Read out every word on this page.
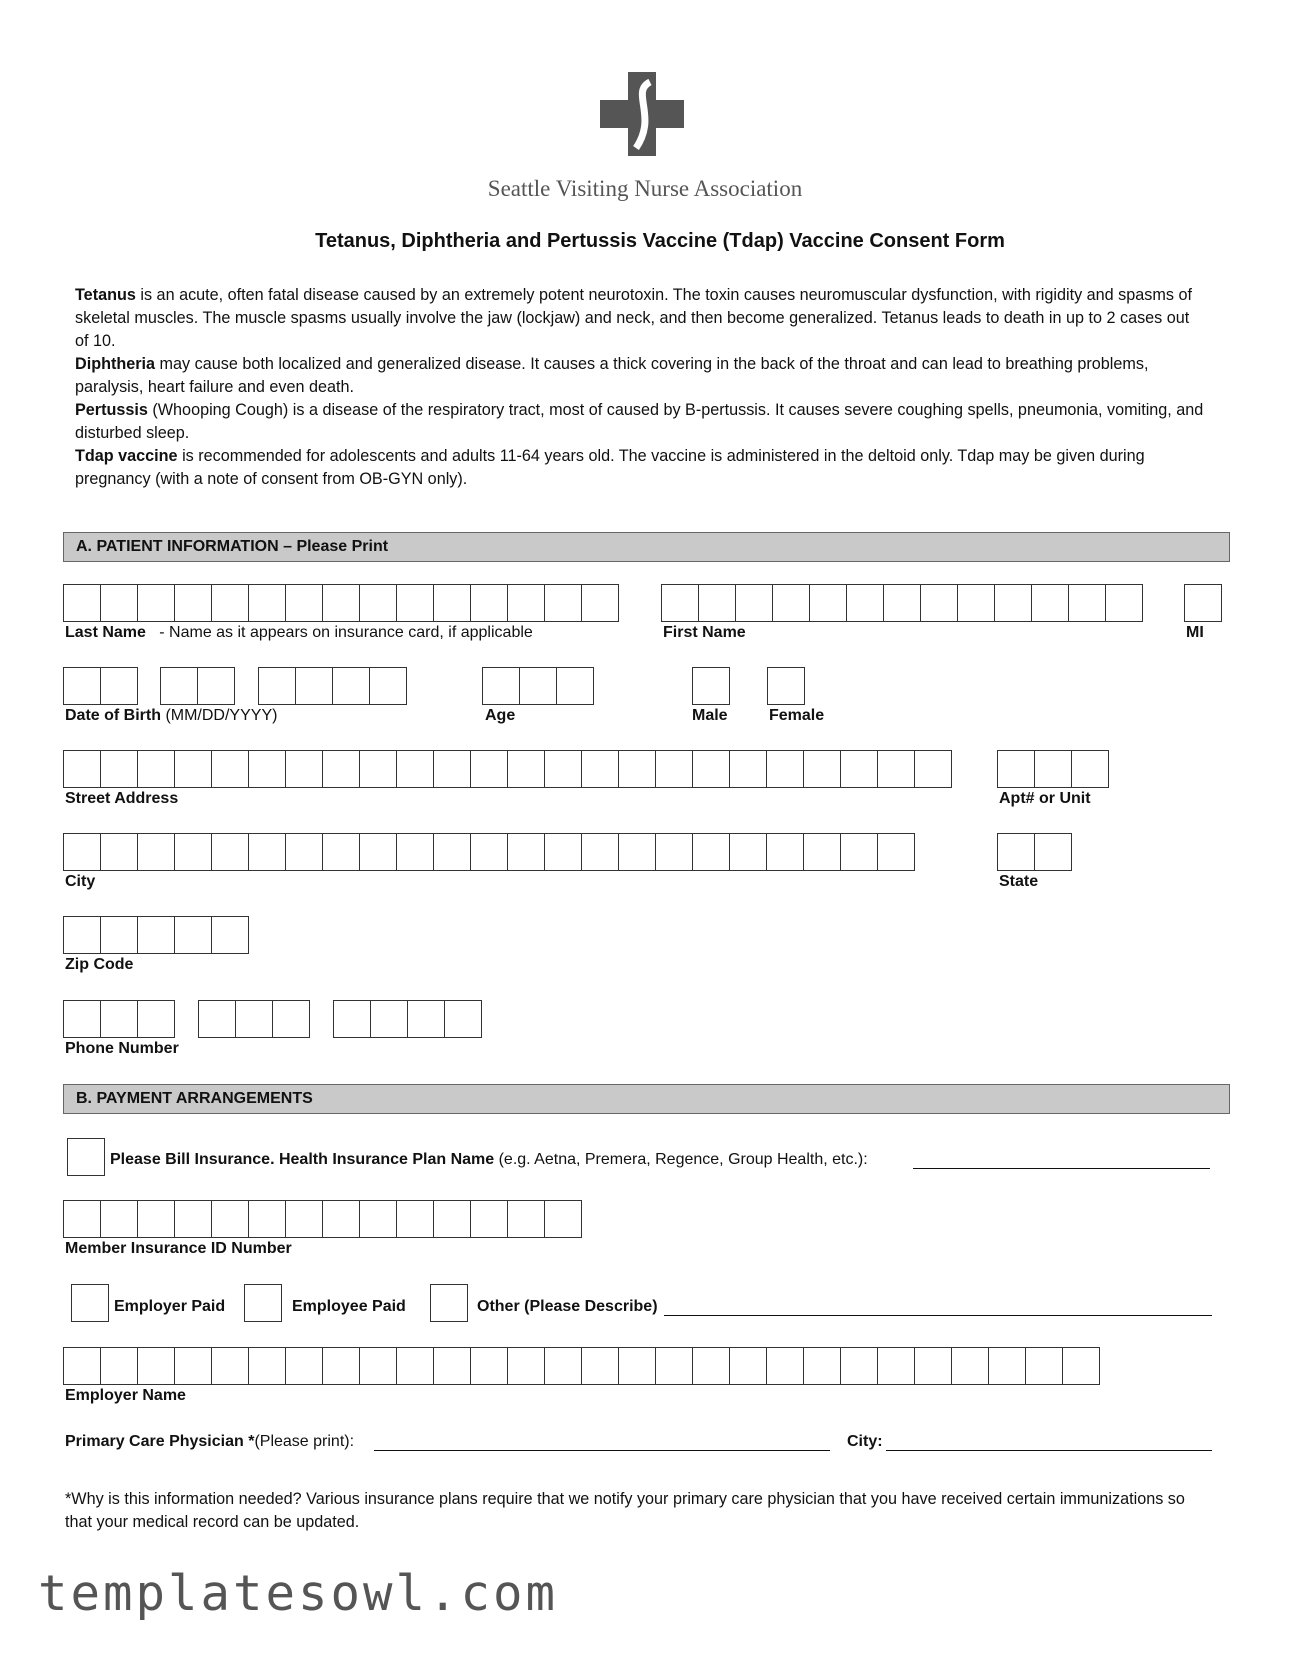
Seattle Visiting Nurse Association
Tetanus, Diphtheria and Pertussis Vaccine (Tdap) Vaccine Consent Form

Tetanus is an acute, often fatal disease caused by an extremely potent neurotoxin. The toxin causes neuromuscular dysfunction, with rigidity and spasms of skeletal muscles. The muscle spasms usually involve the jaw (lockjaw) and neck, and then become generalized. Tetanus leads to death in up to 2 cases out of 10.

Diphtheria may cause both localized and generalized disease. It causes a thick covering in the back of the throat and can lead to breathing problems, paralysis, heart failure and even death.

Pertussis (Whooping Cough) is a disease of the respiratory tract, most of caused by B-pertussis. It causes severe coughing spells, pneumonia, vomiting, and disturbed sleep.

Tdap vaccine is recommended for adolescents and adults 11-64 years old. The vaccine is administered in the deltoid only. Tdap may be given during pregnancy (with a note of consent from OB-GYN only).

A. PATIENT INFORMATION – Please Print
Last Name   - Name as it appears on insurance card, if applicable	First Name	MI
Date of Birth (MM/DD/YYYY)	Age	Male	Female
Street Address	Apt# or Unit
City	State
Zip Code
Phone Number
B. PAYMENT ARRANGEMENTS
Please Bill Insurance. Health Insurance Plan Name (e.g. Aetna, Premera, Regence, Group Health, etc.):
Member Insurance ID Number
Employer Paid	Employee Paid	Other (Please Describe)
Employer Name
Primary Care Physician *(Please print):	City:
*Why is this information needed? Various insurance plans require that we notify your primary care physician that you have received certain immunizations so that your medical record can be updated.
templatesowl.com
